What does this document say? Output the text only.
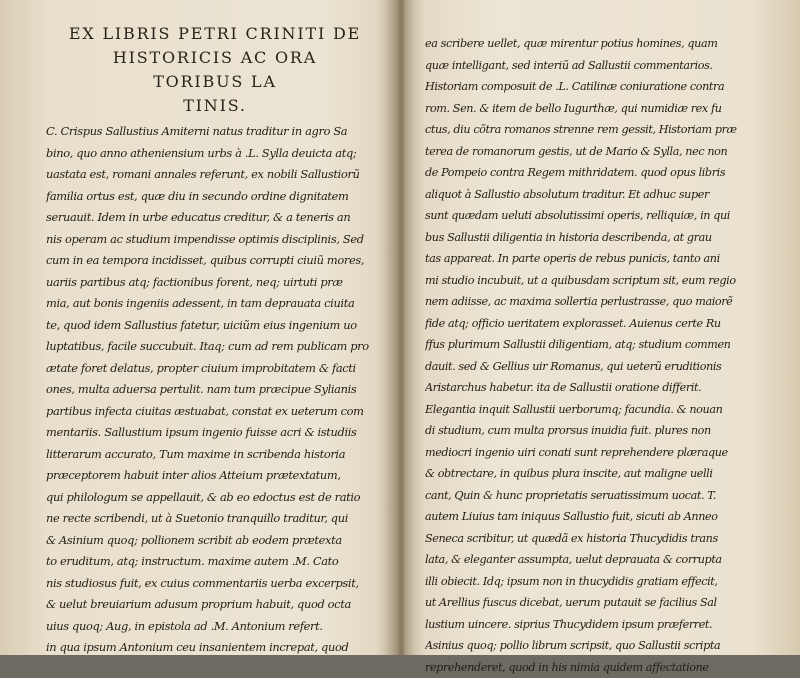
EX LIBRIS PETRI CRINITI DE
HISTORICIS AC ORA
TORIBUS LA
TINIS.
C. Crispus Sallustius Amiterni natus traditur in agro Sa
bino, quo anno atheniensium urbs à .L. Sylla deuicta atq;
uastata est, romani annales referunt, ex nobili Sallustiorũ
familia ortus est, quæ diu in secundo ordine dignitatem
seruauit. Idem in urbe educatus creditur, & a teneris an
nis operam ac studium impendisse optimis disciplinis, Sed
cum in ea tempora incidisset, quibus corrupti ciuiũ mores,
uariis partibus atq; factionibus forent, neq; uirtuti præ
mia, aut bonis ingeniis adessent, in tam deprauata ciuita
te, quod idem Sallustius fatetur, uiciũm eius ingenium uo
luptatibus, facile succubuit. Itaq; cum ad rem publicam pro
ætate foret delatus, propter ciuium improbitatem & facti
ones, multa aduersa pertulit. nam tum præcipue Sylianis
partibus infecta ciuitas æstuabat, constat ex ueterum com
mentariis. Sallustium ipsum ingenio fuisse acri & istudiis
litterarum accurato, Tum maxime in scribenda historia
præceptorem habuit inter alios Atteium prætextatum,
qui philologum se appellauit, & ab eo edoctus est de ratio
ne recte scribendi, ut à Suetonio tranquillo traditur, qui
& Asinium quoq; pollionem scribit ab eodem prætexta
to eruditum, atq; instructum. maxime autem .M. Cato
nis studiosus fuit, ex cuius commentariis uerba excerpsit,
& uelut breuiarium adusum proprium habuit, quod octa
uius quoq; Aug, in epistola ad .M. Antonium refert.
in qua ipsum Antonium ceu insanientem increpat, quod
ea scribere uellet, quæ mirentur potius homines, quam
quæ intelligant, sed interiũ ad Sallustii commentarios.
Historiam composuit de .L. Catilinæ coniuratione contra
rom. Sen. & item de bello Iugurthæ, qui numidiæ rex fu
ctus, diu cõtra romanos strenne rem gessit, Historiam præ
terea de romanorum gestis, ut de Mario & Sylla, nec non
de Pompeio contra Regem mithridatem. quod opus libris
aliquot à Sallustio absolutum traditur. Et adhuc super
sunt quædam ueluti absolutissimi operis, relliquiæ, in qui
bus Sallustii diligentia in historia describenda, at grau
tas appareat. In parte operis de rebus punicis, tanto ani
mi studio incubuit, ut a quibusdam scriptum sit, eum regio
nem adiisse, ac maxima sollertia perlustrasse, quo maiorẽ
fide atq; officio ueritatem explorasset. Auienus certe Ru
ffus plurimum Sallustii diligentiam, atq; studium commen
dauit. sed & Gellius uir Romanus, qui ueterũ eruditionis
Aristarchus habetur. ita de Sallustii oratione differit.
Elegantia inquit Sallustii uerborumq; facundia. & nouan
di studium, cum multa prorsus inuidia fuit. plures non
mediocri ingenio uiri conati sunt reprehendere plæraque
& obtrectare, in quibus plura inscite, aut maligne uelli
cant, Quin & hunc proprietatis seruatissimum uocat. T.
autem Liuius tam iniquus Sallustio fuit, sicuti ab Anneo
Seneca scribitur, ut quædã ex historia Thucydidis trans
lata, & eleganter assumpta, uelut deprauata & corrupta
illi obiecit. Idq; ipsum non in thucydidis gratiam effecit,
ut Arellius fuscus dicebat, uerum putauit se facilius Sal
lustium uincere. siprius Thucydidem ipsum præferret.
Asinius quoq; pollio librum scripsit, quo Sallustii scripta
reprehenderet, quod in his nimia quidem affectatione
